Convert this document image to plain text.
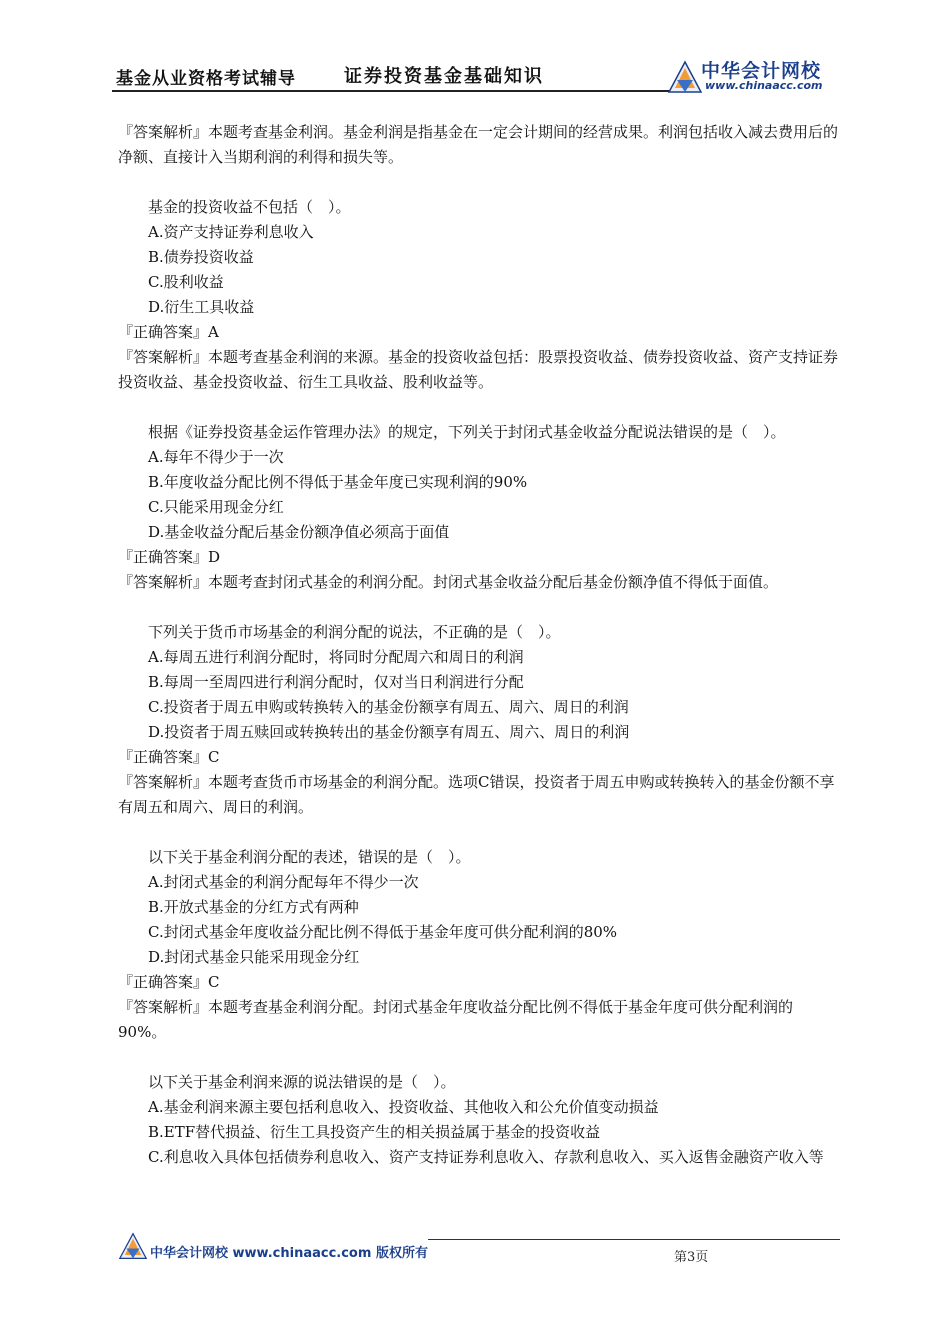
基金从业资格考试辅导	证券投资基金基础知识	中华会计网校
www.chinaacc.com

『答案解析』本题考查基金利润。基金利润是指基金在一定会计期间的经营成果。利润包括收入减去费用后的净额、直接计入当期利润的利得和损失等。

基金的投资收益不包括（　）。

A.资产支持证券利息收入

B.债券投资收益

C.股利收益

D.衍生工具收益

『正确答案』A

『答案解析』本题考查基金利润的来源。基金的投资收益包括：股票投资收益、债券投资收益、资产支持证券投资收益、基金投资收益、衍生工具收益、股利收益等。

根据《证券投资基金运作管理办法》的规定，下列关于封闭式基金收益分配说法错误的是（　）。

A.每年不得少于一次

B.年度收益分配比例不得低于基金年度已实现利润的90%

C.只能采用现金分红

D.基金收益分配后基金份额净值必须高于面值

『正确答案』D

『答案解析』本题考查封闭式基金的利润分配。封闭式基金收益分配后基金份额净值不得低于面值。

下列关于货币市场基金的利润分配的说法，不正确的是（　）。

A.每周五进行利润分配时，将同时分配周六和周日的利润

B.每周一至周四进行利润分配时，仅对当日利润进行分配

C.投资者于周五申购或转换转入的基金份额享有周五、周六、周日的利润

D.投资者于周五赎回或转换转出的基金份额享有周五、周六、周日的利润

『正确答案』C

『答案解析』本题考查货币市场基金的利润分配。选项C错误，投资者于周五申购或转换转入的基金份额不享有周五和周六、周日的利润。

以下关于基金利润分配的表述，错误的是（　）。

A.封闭式基金的利润分配每年不得少一次

B.开放式基金的分红方式有两种

C.封闭式基金年度收益分配比例不得低于基金年度可供分配利润的80%

D.封闭式基金只能采用现金分红

『正确答案』C

『答案解析』本题考查基金利润分配。封闭式基金年度收益分配比例不得低于基金年度可供分配利润的90%。

以下关于基金利润来源的说法错误的是（　）。

A.基金利润来源主要包括利息收入、投资收益、其他收入和公允价值变动损益

B.ETF替代损益、衍生工具投资产生的相关损益属于基金的投资收益

C.利息收入具体包括债券利息收入、资产支持证券利息收入、存款利息收入、买入返售金融资产收入等

中华会计网校 www.chinaacc.com 版权所有	第3页
